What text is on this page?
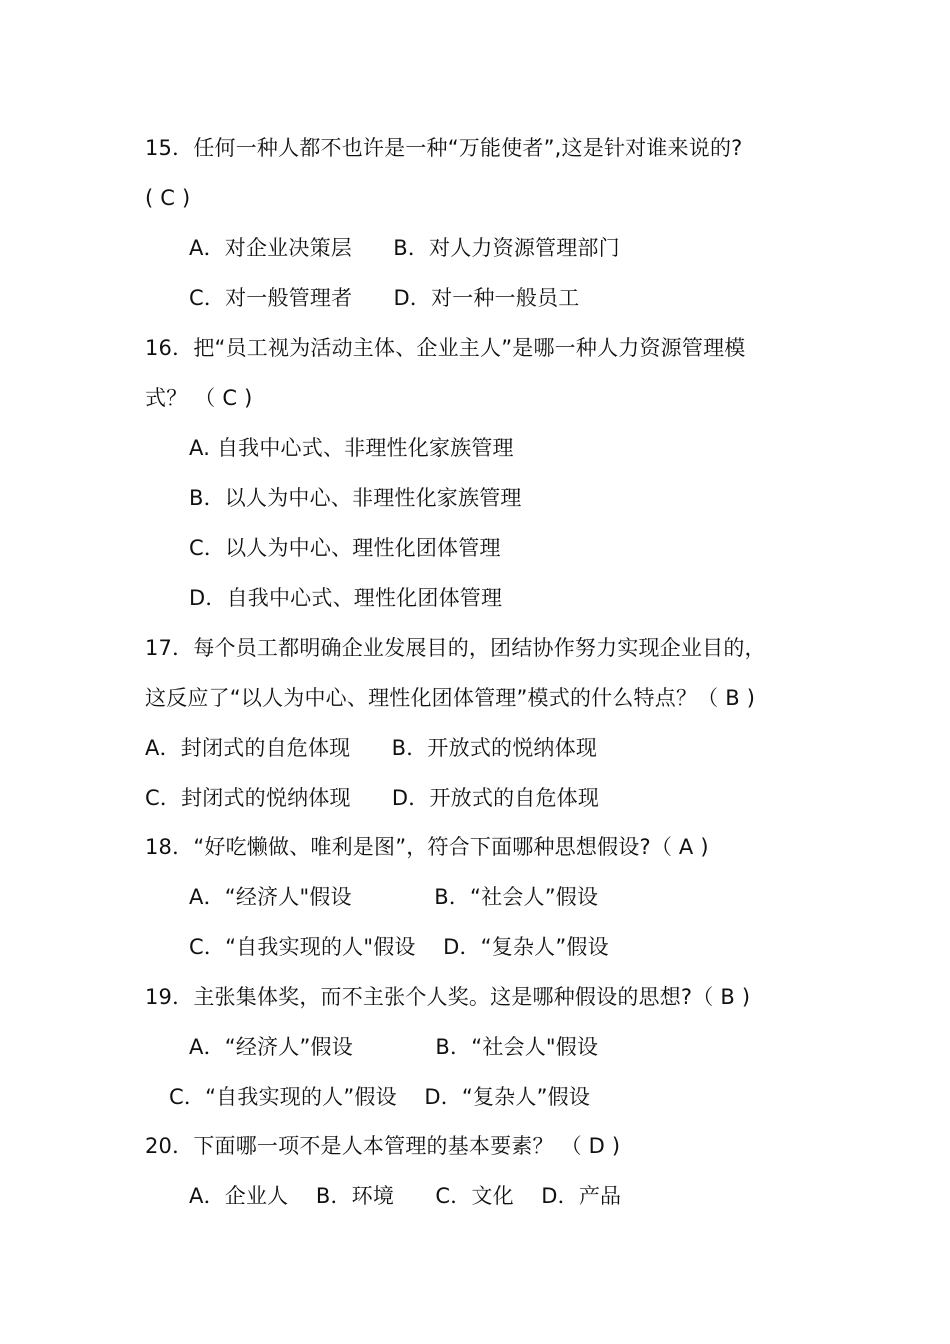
15．任何一种人都不也许是一种“万能使者”,这是针对谁来说的?
( C )
A．对企业决策层      B．对人力资源管理部门
C．对一般管理者      D．对一种一般员工
16．把“员工视为活动主体、企业主人”是哪一种人力资源管理模
式？ （ C )
A. 自我中心式、非理性化家族管理
B．以人为中心、非理性化家族管理
C．以人为中心、理性化团体管理
D．自我中心式、理性化团体管理
17．每个员工都明确企业发展目的，团结协作努力实现企业目的，
这反应了“以人为中心、理性化团体管理”模式的什么特点？（ B )
A．封闭式的自危体现      B．开放式的悦纳体现
C．封闭式的悦纳体现      D．开放式的自危体现
18．“好吃懒做、唯利是图”，符合下面哪种思想假设?（ A )
A．“经济人"假设            B．“社会人”假设
C．“自我实现的人"假设    D．“复杂人”假设
19．主张集体奖，而不主张个人奖。这是哪种假设的思想?（ B )
A．“经济人”假设            B．“社会人"假设
C．“自我实现的人”假设    D．“复杂人”假设
20．下面哪一项不是人本管理的基本要素？ （ D )
A．企业人    B．环境      C．文化    D．产品
